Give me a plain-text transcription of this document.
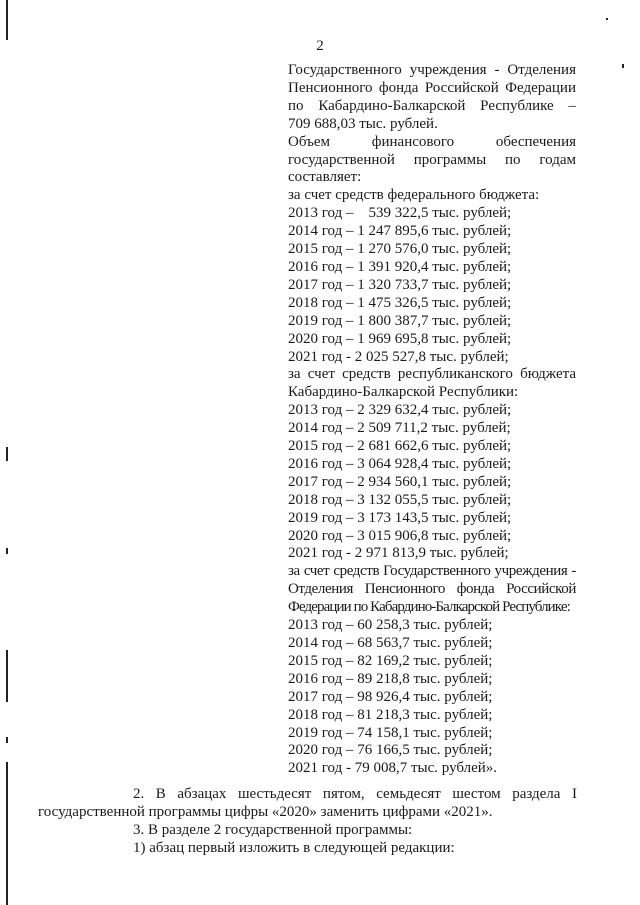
2
Государственного учреждения - Отделения
Пенсионного фонда Российской Федерации
по Кабардино-Балкарской Республике –
709 688,03 тыс. рублей.
Объем финансового обеспечения
государственной программы по годам
составляет:
за счет средств федерального бюджета:
2013 год –    539 322,5 тыс. рублей;
2014 год – 1 247 895,6 тыс. рублей;
2015 год – 1 270 576,0 тыс. рублей;
2016 год – 1 391 920,4 тыс. рублей;
2017 год – 1 320 733,7 тыс. рублей;
2018 год – 1 475 326,5 тыс. рублей;
2019 год – 1 800 387,7 тыс. рублей;
2020 год – 1 969 695,8 тыс. рублей;
2021 год - 2 025 527,8 тыс. рублей;
за счет средств республиканского бюджета
Кабардино-Балкарской Республики:
2013 год – 2 329 632,4 тыс. рублей;
2014 год – 2 509 711,2 тыс. рублей;
2015 год – 2 681 662,6 тыс. рублей;
2016 год – 3 064 928,4 тыс. рублей;
2017 год – 2 934 560,1 тыс. рублей;
2018 год – 3 132 055,5 тыс. рублей;
2019 год – 3 173 143,5 тыс. рублей;
2020 год – 3 015 906,8 тыс. рублей;
2021 год - 2 971 813,9 тыс. рублей;
за счет средств Государственного учреждения -
Отделения Пенсионного фонда Российской
Федерации по Кабардино-Балкарской Республике:
2013 год – 60 258,3 тыс. рублей;
2014 год – 68 563,7 тыс. рублей;
2015 год – 82 169,2 тыс. рублей;
2016 год – 89 218,8 тыс. рублей;
2017 год – 98 926,4 тыс. рублей;
2018 год – 81 218,3 тыс. рублей;
2019 год – 74 158,1 тыс. рублей;
2020 год – 76 166,5 тыс. рублей;
2021 год - 79 008,7 тыс. рублей».
2. В абзацах шестьдесят пятом, семьдесят шестом раздела I
государственной программы цифры «2020» заменить цифрами «2021».
3. В разделе 2 государственной программы:
1) абзац первый изложить в следующей редакции:
